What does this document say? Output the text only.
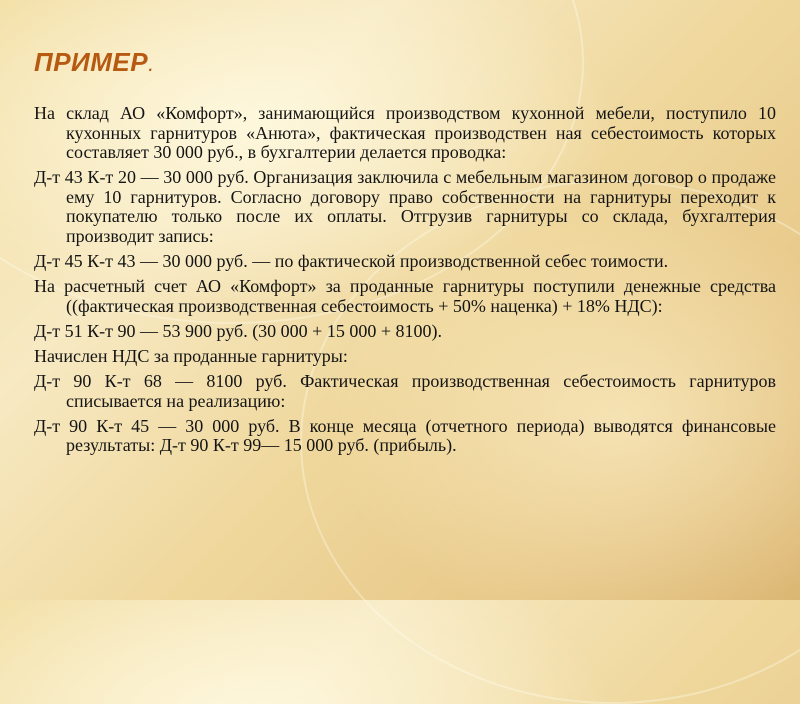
ПРИМЕР.

На склад АО «Комфорт», занимающийся производством кухонной мебели, поступило 10 кухонных гарнитуров «Анюта», фактическая производствен ная себестоимость которых составляет 30 000 руб., в бухгалтерии делается проводка:

Д-т 43 К-т 20 — 30 000 руб. Организация заключила с мебельным магазином договор о продаже ему 10 гарнитуров. Согласно договору право собственности на гарнитуры переходит к покупателю только после их оплаты. Отгрузив гарнитуры со склада, бухгалтерия производит запись:

Д-т 45 К-т 43 — 30 000 руб. — по фактической производственной себес тоимости.

На расчетный счет АО «Комфорт» за проданные гарнитуры поступили денежные средства ((фактическая производственная себестоимость + 50% наценка) + 18% НДС):

Д-т 51 К-т 90 — 53 900 руб. (30 000 + 15 000 + 8100).

Начислен НДС за проданные гарнитуры:

Д-т 90 К-т 68 — 8100 руб. Фактическая производственная себестоимость гарнитуров списывается на реализацию:

Д-т 90 К-т 45 — 30 000 руб. В конце месяца (отчетного периода) выводятся финансовые результаты: Д-т 90 К-т 99— 15 000 руб. (прибыль).
